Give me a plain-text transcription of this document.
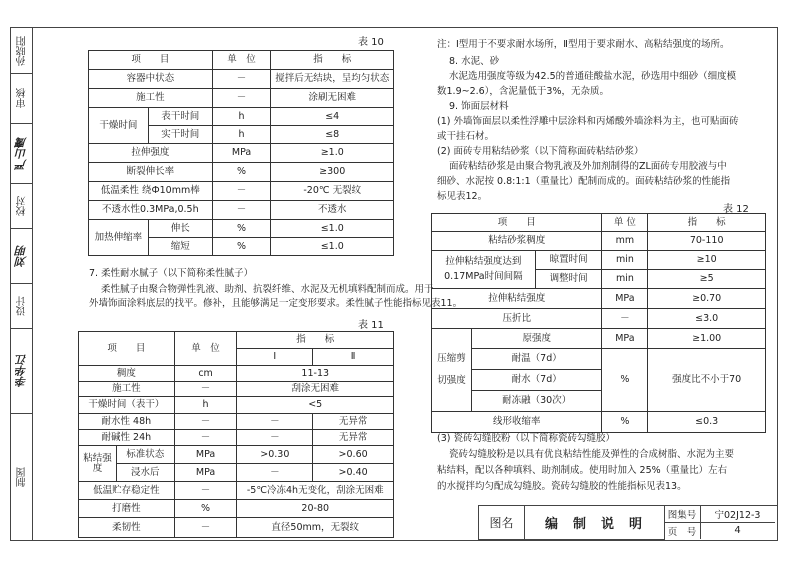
孙晓阳
审核
严山鹰
校对
刘明
设计
李华江
制图
表 10
项　　目		单　位	指　　标
容器中状态		－	搅拌后无结块，呈均匀状态
施工性		－	涂刷无困难
干燥时间	表干时间	h	≤4
	实干时间	h	≤8
拉伸强度		MPa	≥1.0
断裂伸长率		%	≥300
低温柔性 绕Ф10mm棒		－	-20℃ 无裂纹
不透水性0.3MPa,0.5h		－	不透水
加热伸缩率	伸长	%	≤1.0
	缩短	%	≤1.0
7. 柔性耐水腻子（以下简称柔性腻子）
柔性腻子由聚合物弹性乳液、助剂、抗裂纤维、水泥及无机填料配制而成。用于
外墙饰面涂料底层的找平。修补，且能够满足一定变形要求。柔性腻子性能指标见表11。
表 11
项　　目		单　位	指　　标	
			Ⅰ	Ⅱ
稠度		cm	11-13	
施工性		－	刮涂无困难	
干燥时间（表干）		h	<5	
耐水性 48h		－	－	无异常
耐碱性 24h		－	－	无异常
粘结强度	标准状态	MPa	>0.30	>0.60
	浸水后	MPa	－	>0.40
低温贮存稳定性		－	-5℃冷冻4h无变化，刮涂无困难	
打磨性		%	20-80	
柔韧性		－	直径50mm，无裂纹	
注：Ⅰ型用于不要求耐水场所，Ⅱ型用于要求耐水、高粘结强度的场所。
8. 水泥、砂
水泥选用强度等级为42.5的普通硅酸盐水泥，砂选用中细砂（细度模
数1.9~2.6），含泥量低于3%，无杂质。
9. 饰面层材料
(1) 外墙饰面层以柔性浮雕中层涂料和丙烯酸外墙涂料为主，也可贴面砖
或干挂石材。
(2) 面砖专用粘结砂浆（以下简称面砖粘结砂浆）
面砖粘结砂浆是由聚合物乳液及外加剂制得的ZL面砖专用胶液与中
细砂、水泥按 0.8:1:1（重量比）配制而成的。面砖粘结砂浆的性能指
标见表12。
表 12
项　　目			单 位	指　　标
粘结砂浆稠度			mm	70-110

拉伸粘结强度达到
0.17MPa时间间隔		晾置时间	min	≥10
		调整时间	min	≥5
拉伸粘结强度			MPa	≥0.70
压折比			－	≤3.0
压缩剪切强度	原强度		MPa	≥1.00
	耐温（7d）		%	强度比不小于70
	耐水（7d）			
	耐冻融（30次）			
线形收缩率			%	≤0.3
(3) 瓷砖勾缝胶粉（以下简称瓷砖勾缝胶）
瓷砖勾缝胶粉是以具有优良粘结性能及弹性的合成树脂、水泥为主要
粘结料，配以各种填料、助剂制成。使用时加入 25%（重量比）左右
的水搅拌均匀配成勾缝胶。瓷砖勾缝胶的性能指标见表13。
图名	编　制　说　明
图集号	宁02J12-3
页　号	4
